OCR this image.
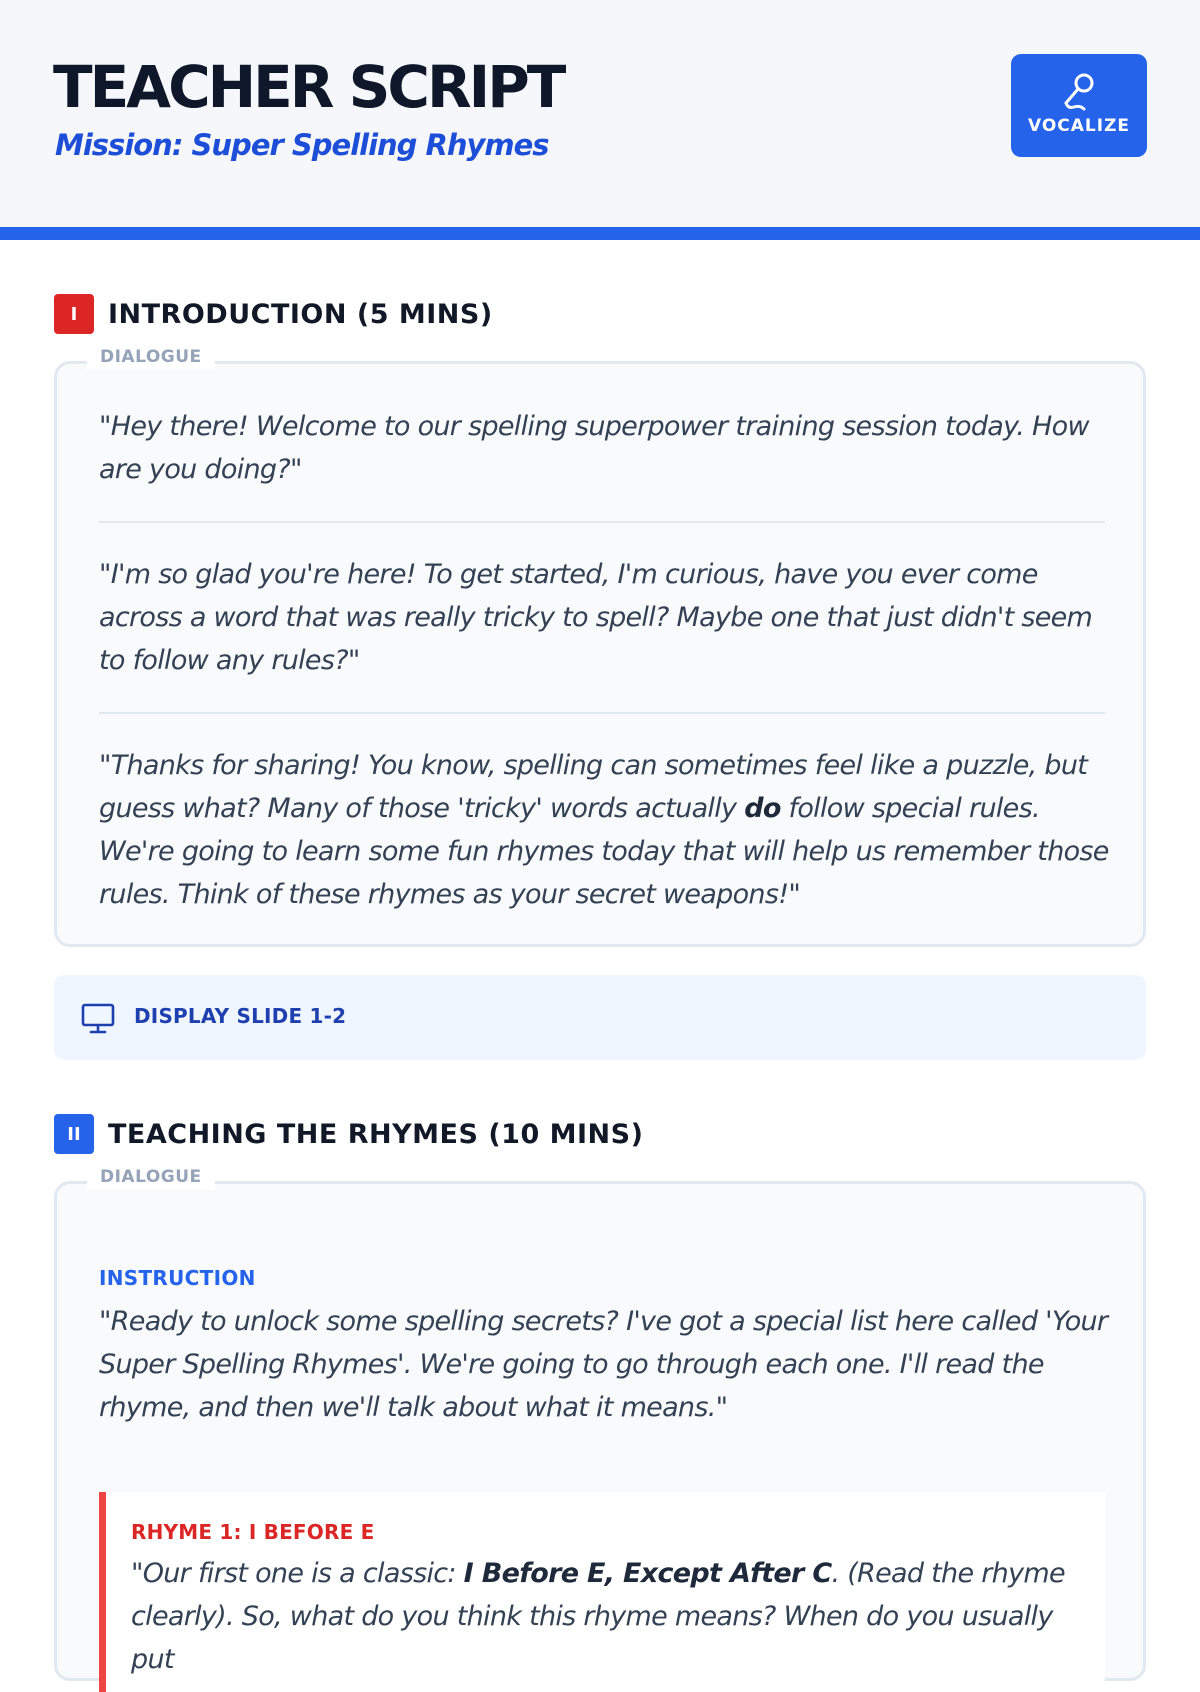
TEACHER SCRIPT
Mission: Super Spelling Rhymes
VOCALIZE
I	INTRODUCTION (5 MINS)
DIALOGUE
"Hey there! Welcome to our spelling superpower training session today. How are you doing?"
"I'm so glad you're here! To get started, I'm curious, have you ever come across a word that was really tricky to spell? Maybe one that just didn't seem to follow any rules?"
"Thanks for sharing! You know, spelling can sometimes feel like a puzzle, but guess what? Many of those 'tricky' words actually do follow special rules. We're going to learn some fun rhymes today that will help us remember those rules. Think of these rhymes as your secret weapons!"
DISPLAY SLIDE 1-2
II	TEACHING THE RHYMES (10 MINS)
DIALOGUE
INSTRUCTION
"Ready to unlock some spelling secrets? I've got a special list here called 'Your Super Spelling Rhymes'. We're going to go through each one. I'll read the rhyme, and then we'll talk about what it means."
RHYME 1: I BEFORE E
"Our first one is a classic: I Before E, Except After C. (Read the rhyme clearly). So, what do you think this rhyme means? When do you usually put
